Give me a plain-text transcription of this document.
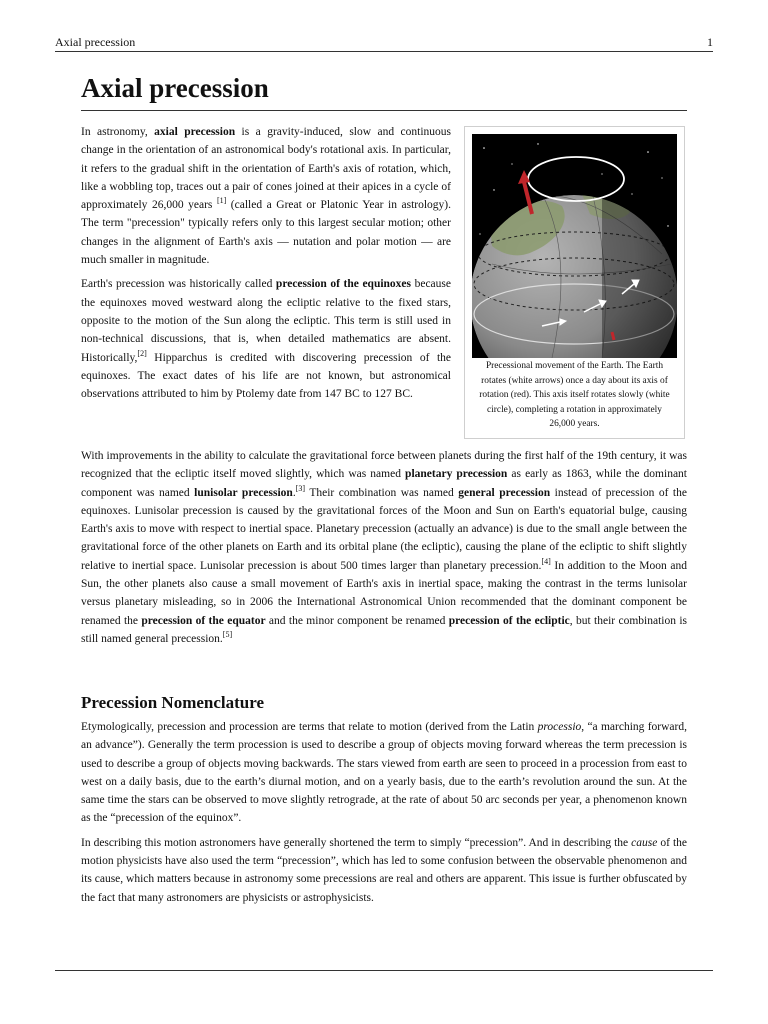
Axial precession	1
Axial precession

In astronomy, axial precession is a gravity-induced, slow and continuous change in the orientation of an astronomical body's rotational axis. In particular, it refers to the gradual shift in the orientation of Earth's axis of rotation, which, like a wobbling top, traces out a pair of cones joined at their apices in a cycle of approximately 26,000 years [1] (called a Great or Platonic Year in astrology). The term "precession" typically refers only to this largest secular motion; other changes in the alignment of Earth's axis — nutation and polar motion — are much smaller in magnitude.

Earth's precession was historically called precession of the equinoxes because the equinoxes moved westward along the ecliptic relative to the fixed stars, opposite to the motion of the Sun along the ecliptic. This term is still used in non-technical discussions, that is, when detailed mathematics are absent. Historically,[2] Hipparchus is credited with discovering precession of the equinoxes. The exact dates of his life are not known, but astronomical observations attributed to him by Ptolemy date from 147 BC to 127 BC.

Precessional movement of the Earth. The Earth rotates (white arrows) once a day about its axis of rotation (red). This axis itself rotates slowly (white circle), completing a rotation in approximately 26,000 years.

With improvements in the ability to calculate the gravitational force between planets during the first half of the 19th century, it was recognized that the ecliptic itself moved slightly, which was named planetary precession as early as 1863, while the dominant component was named lunisolar precession.[3] Their combination was named general precession instead of precession of the equinoxes. Lunisolar precession is caused by the gravitational forces of the Moon and Sun on Earth's equatorial bulge, causing Earth's axis to move with respect to inertial space. Planetary precession (actually an advance) is due to the small angle between the gravitational force of the other planets on Earth and its orbital plane (the ecliptic), causing the plane of the ecliptic to shift slightly relative to inertial space. Lunisolar precession is about 500 times larger than planetary precession.[4] In addition to the Moon and Sun, the other planets also cause a small movement of Earth's axis in inertial space, making the contrast in the terms lunisolar versus planetary misleading, so in 2006 the International Astronomical Union recommended that the dominant component be renamed the precession of the equator and the minor component be renamed precession of the ecliptic, but their combination is still named general precession.[5]

Precession Nomenclature

Etymologically, precession and procession are terms that relate to motion (derived from the Latin processio, “a marching forward, an advance”). Generally the term procession is used to describe a group of objects moving forward whereas the term precession is used to describe a group of objects moving backwards. The stars viewed from earth are seen to proceed in a procession from east to west on a daily basis, due to the earth’s diurnal motion, and on a yearly basis, due to the earth’s revolution around the sun. At the same time the stars can be observed to move slightly retrograde, at the rate of about 50 arc seconds per year, a phenomenon known as the “precession of the equinox”.

In describing this motion astronomers have generally shortened the term to simply “precession”. And in describing the cause of the motion physicists have also used the term “precession”, which has led to some confusion between the observable phenomenon and its cause, which matters because in astronomy some precessions are real and others are apparent. This issue is further obfuscated by the fact that many astronomers are physicists or astrophysicists.
